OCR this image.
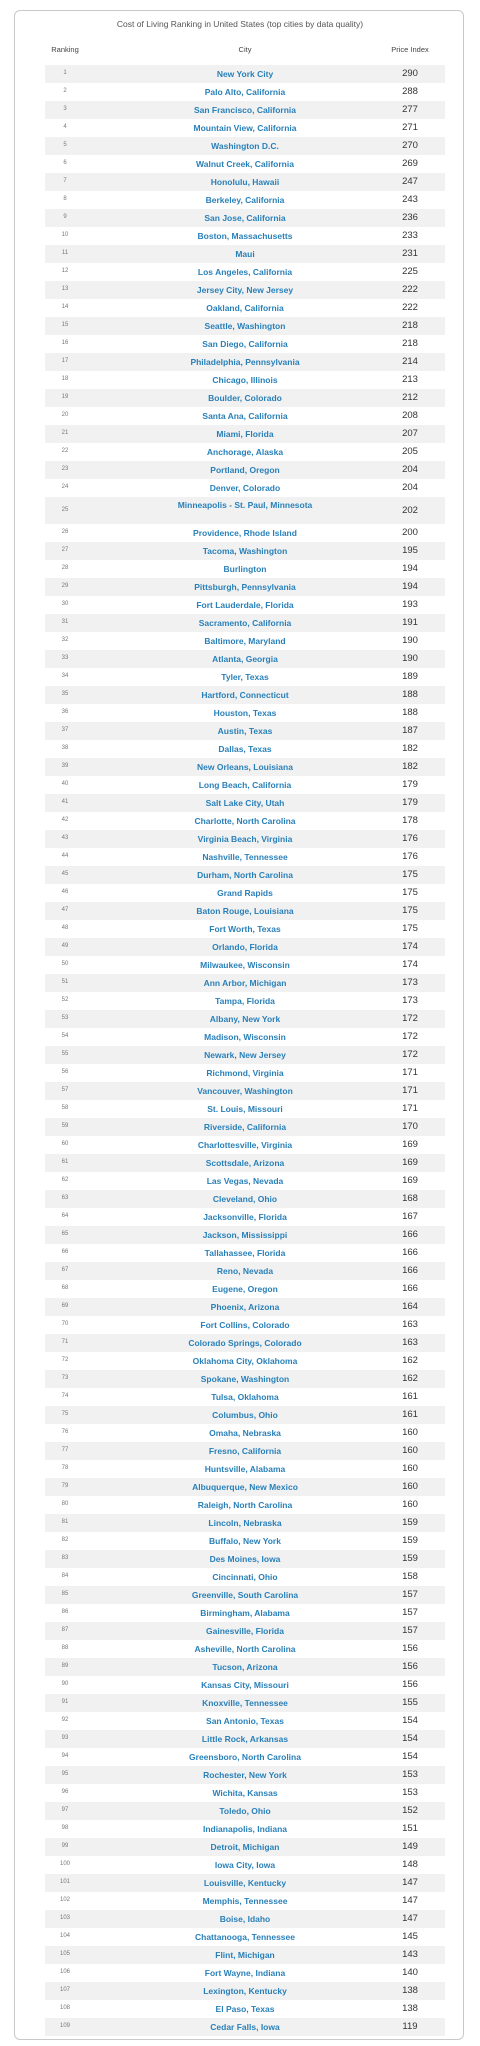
Cost of Living Ranking in United States (top cities by data quality)
Ranking	City	Price Index
1	New York City	290
2	Palo Alto, California	288
3	San Francisco, California	277
4	Mountain View, California	271
5	Washington D.C.	270
6	Walnut Creek, California	269
7	Honolulu, Hawaii	247
8	Berkeley, California	243
9	San Jose, California	236
10	Boston, Massachusetts	233
11	Maui	231
12	Los Angeles, California	225
13	Jersey City, New Jersey	222
14	Oakland, California	222
15	Seattle, Washington	218
16	San Diego, California	218
17	Philadelphia, Pennsylvania	214
18	Chicago, Illinois	213
19	Boulder, Colorado	212
20	Santa Ana, California	208
21	Miami, Florida	207
22	Anchorage, Alaska	205
23	Portland, Oregon	204
24	Denver, Colorado	204
25	Minneapolis - St. Paul, Minnesota	202
26	Providence, Rhode Island	200
27	Tacoma, Washington	195
28	Burlington	194
29	Pittsburgh, Pennsylvania	194
30	Fort Lauderdale, Florida	193
31	Sacramento, California	191
32	Baltimore, Maryland	190
33	Atlanta, Georgia	190
34	Tyler, Texas	189
35	Hartford, Connecticut	188
36	Houston, Texas	188
37	Austin, Texas	187
38	Dallas, Texas	182
39	New Orleans, Louisiana	182
40	Long Beach, California	179
41	Salt Lake City, Utah	179
42	Charlotte, North Carolina	178
43	Virginia Beach, Virginia	176
44	Nashville, Tennessee	176
45	Durham, North Carolina	175
46	Grand Rapids	175
47	Baton Rouge, Louisiana	175
48	Fort Worth, Texas	175
49	Orlando, Florida	174
50	Milwaukee, Wisconsin	174
51	Ann Arbor, Michigan	173
52	Tampa, Florida	173
53	Albany, New York	172
54	Madison, Wisconsin	172
55	Newark, New Jersey	172
56	Richmond, Virginia	171
57	Vancouver, Washington	171
58	St. Louis, Missouri	171
59	Riverside, California	170
60	Charlottesville, Virginia	169
61	Scottsdale, Arizona	169
62	Las Vegas, Nevada	169
63	Cleveland, Ohio	168
64	Jacksonville, Florida	167
65	Jackson, Mississippi	166
66	Tallahassee, Florida	166
67	Reno, Nevada	166
68	Eugene, Oregon	166
69	Phoenix, Arizona	164
70	Fort Collins, Colorado	163
71	Colorado Springs, Colorado	163
72	Oklahoma City, Oklahoma	162
73	Spokane, Washington	162
74	Tulsa, Oklahoma	161
75	Columbus, Ohio	161
76	Omaha, Nebraska	160
77	Fresno, California	160
78	Huntsville, Alabama	160
79	Albuquerque, New Mexico	160
80	Raleigh, North Carolina	160
81	Lincoln, Nebraska	159
82	Buffalo, New York	159
83	Des Moines, Iowa	159
84	Cincinnati, Ohio	158
85	Greenville, South Carolina	157
86	Birmingham, Alabama	157
87	Gainesville, Florida	157
88	Asheville, North Carolina	156
89	Tucson, Arizona	156
90	Kansas City, Missouri	156
91	Knoxville, Tennessee	155
92	San Antonio, Texas	154
93	Little Rock, Arkansas	154
94	Greensboro, North Carolina	154
95	Rochester, New York	153
96	Wichita, Kansas	153
97	Toledo, Ohio	152
98	Indianapolis, Indiana	151
99	Detroit, Michigan	149
100	Iowa City, Iowa	148
101	Louisville, Kentucky	147
102	Memphis, Tennessee	147
103	Boise, Idaho	147
104	Chattanooga, Tennessee	145
105	Flint, Michigan	143
106	Fort Wayne, Indiana	140
107	Lexington, Kentucky	138
108	El Paso, Texas	138
109	Cedar Falls, Iowa	119
